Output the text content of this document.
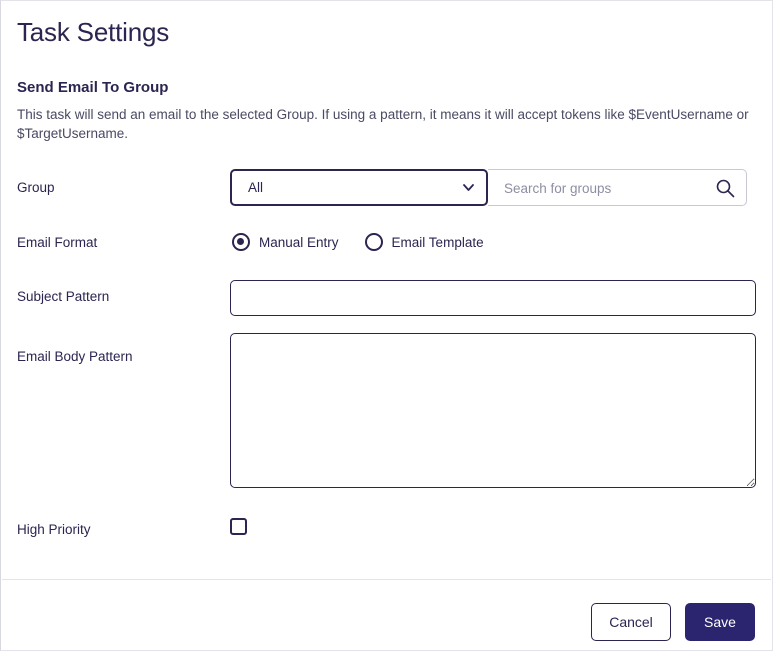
Task Settings
Send Email To Group
This task will send an email to the selected Group. If using a pattern, it means it will accept tokens like $EventUsername or $TargetUsername.
Group	All
Search for groups
Email Format	Manual Entry	Email Template
Subject Pattern
Email Body Pattern
High Priority
Cancel	Save
